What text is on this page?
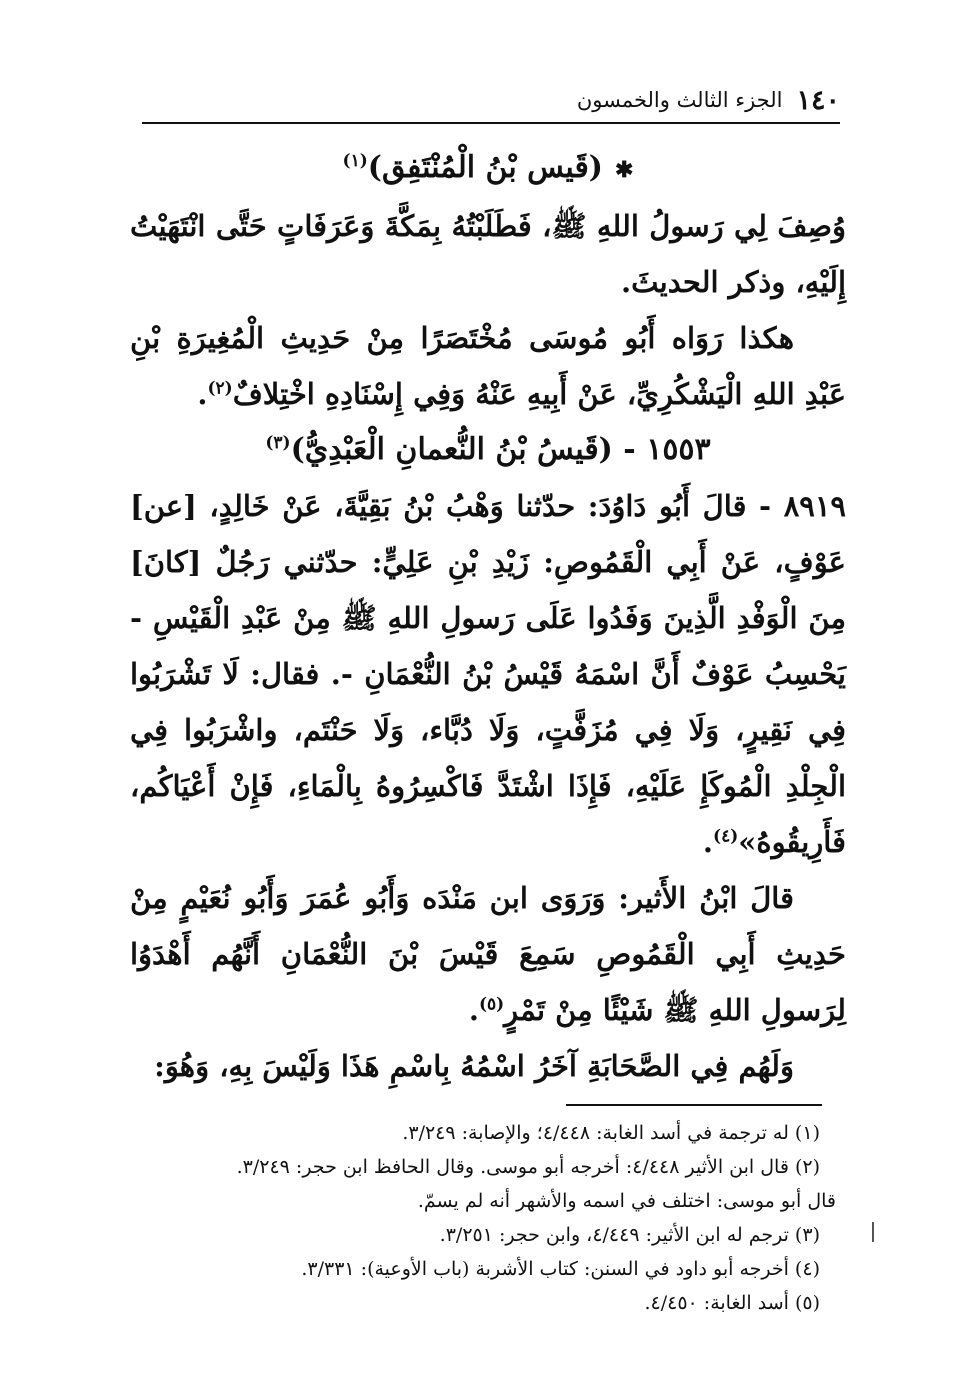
١٤٠
الجزء الثالث والخمسون

✱(قَيس بْنُ الْمُنْتَفِق)$^{(١)}$

وُصِفَ لِي رَسولُ اللهِ ﷺ، فَطَلَبْتُهُ بِمَكَّةَ وَعَرَفَاتٍ حَتَّى انْتَهَيْتُ إِلَيْهِ، وذكر الحديثَ.

هكذا رَوَاه أَبُو مُوسَى مُخْتَصَرًا مِنْ حَدِيثِ الْمُغِيرَةِ بْنِ عَبْدِ اللهِ الْيَشْكُرِيِّ، عَنْ أَبِيهِ عَنْهُ وَفِي إِسْنَادِهِ اخْتِلافٌ$^{(٢)}$.

١٥٥٣ - (قَيسُ بْنُ النُّعمانِ الْعَبْدِيُّ)$^{(٣)}$

٨٩١٩ - قالَ أَبُو دَاوُدَ: حدّثنا وَهْبُ بْنُ بَقِيَّةَ، عَنْ خَالِدٍ، [عن] عَوْفٍ، عَنْ أَبِي الْقَمُوصِ: زَيْدِ بْنِ عَلِيٍّ: حدّثني رَجُلٌ [كانَ] مِنَ الْوَفْدِ الَّذِينَ وَفَدُوا عَلَى رَسولِ اللهِ ﷺ مِنْ عَبْدِ الْقَيْسِ - يَحْسِبُ عَوْفٌ أَنَّ اسْمَهُ قَيْسُ بْنُ النُّعْمَانِ -. فقال: لَا تَشْرَبُوا فِي نَقِيرٍ، وَلَا فِي مُزَفَّتٍ، وَلَا دُبَّاء، وَلَا حَنْتَم، واشْرَبُوا فِي الْجِلْدِ الْمُوكَإِ عَلَيْهِ، فَإِذَا اشْتَدَّ فَاكْسِرُوهُ بِالْمَاءِ، فَإِنْ أَعْيَاكُم، فَأَرِيقُوهُ»$^{(٤)}$.

قالَ ابْنُ الأَثير: وَرَوَى ابن مَنْدَه وَأَبُو عُمَرَ وَأَبُو نُعَيْمٍ مِنْ حَدِيثِ أَبِي الْقَمُوصِ سَمِعَ قَيْسَ بْنَ النُّعْمَانِ أَنَّهُم أَهْدَوُا لِرَسولِ اللهِ ﷺ شَيْئًا مِنْ تَمْرٍ$^{(٥)}$.

وَلَهُم فِي الصَّحَابَةِ آخَرُ اسْمُهُ بِاسْمِ هَذَا وَلَيْسَ بِهِ، وَهُوَ:

(١) له ترجمة في أسد الغابة: ٤/٤٤٨؛ والإصابة: ٣/٢٤٩.

(٢) قال ابن الأثير ٤/٤٤٨: أخرجه أبو موسى. وقال الحافظ ابن حجر: ٣/٢٤٩.

قال أبو موسى: اختلف في اسمه والأشهر أنه لم يسمّ.

(٣) ترجم له ابن الأثير: ٤/٤٤٩، وابن حجر: ٣/٢٥١.

(٤) أخرجه أبو داود في السنن: كتاب الأشربة (باب الأوعية): ٣/٣٣١.

(٥) أسد الغابة: ٤/٤٥٠.
